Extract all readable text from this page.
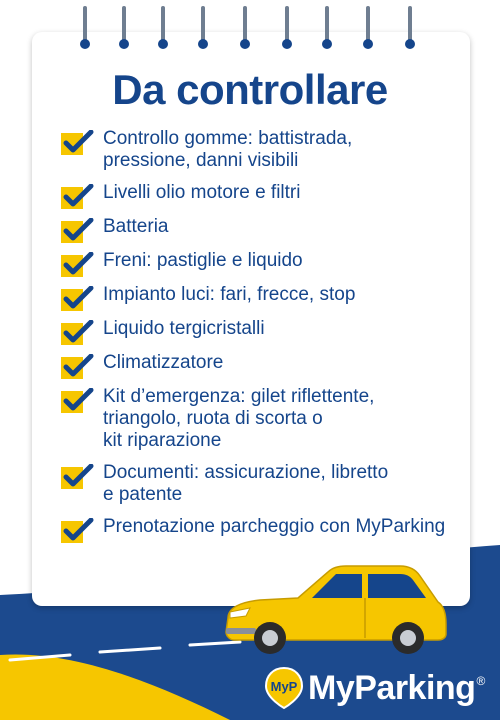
Da controllare
Controllo gomme: battistrada,
pressione, danni visibili
Livelli olio motore e filtri
Batteria
Freni: pastiglie e liquido
Impianto luci: fari, frecce, stop
Liquido tergicristalli
Climatizzatore
Kit d’emergenza: gilet riflettente,
triangolo, ruota di scorta o
kit riparazione
Documenti: assicurazione, libretto
e patente
Prenotazione parcheggio con MyParking
MyP MyParking ®
